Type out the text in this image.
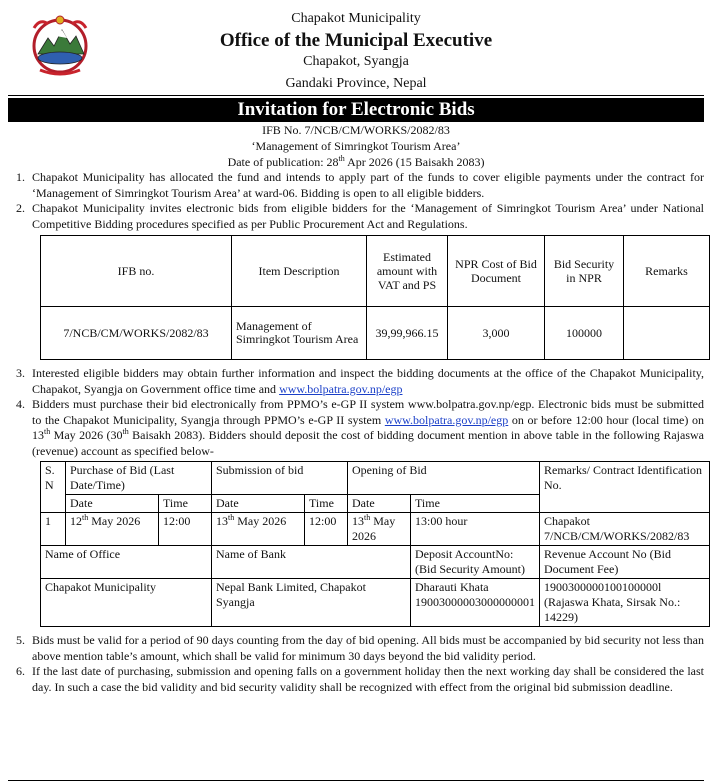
Chapakot Municipality
Office of the Municipal Executive
Chapakot, Syangja
Gandaki Province, Nepal
Invitation for Electronic Bids
IFB No. 7/NCB/CM/WORKS/2082/83
‘Management of Simringkot Tourism Area’
Date of publication: 28th Apr 2026 (15 Baisakh 2083)
1. Chapakot Municipality has allocated the fund and intends to apply part of the funds to cover eligible payments under the contract for ‘Management of Simringkot Tourism Area’ at ward-06. Bidding is open to all eligible bidders.
2. Chapakot Municipality invites electronic bids from eligible bidders for the ‘Management of Simringkot Tourism Area’ under National Competitive Bidding procedures specified as per Public Procurement Act and Regulations.
IFB no.	Item Description	Estimated amount with VAT and PS	NPR Cost of Bid Document	Bid Security in NPR	Remarks
7/NCB/CM/WORKS/2082/83	Management of Simringkot Tourism Area	39,99,966.15	3,000	100000	

3. Interested eligible bidders may obtain further information and inspect the bidding documents at the office of the Chapakot Municipality, Chapakot, Syangja on Government office time and www.bolpatra.gov.np/egp
4. Bidders must purchase their bid electronically from PPMO’s e-GP II system www.bolpatra.gov.np/egp. Electronic bids must be submitted to the Chapakot Municipality, Syangja through PPMO’s e-GP II system www.bolpatra.gov.np/egp on or before 12:00 hour (local time) on 13th May 2026 (30th Baisakh 2083). Bidders should deposit the cost of bidding document mention in above table in the following Rajaswa (revenue) account as specified below-
S. N	Purchase of Bid (Last Date/Time)		Submission of bid		Opening of Bid		Remarks/ Contract Identification No.
	Date	Time	Date	Time	Date	Time	
1	12th May 2026	12:00	13th May 2026	12:00	13th May 2026	13:00 hour	Chapakot 7/NCB/CM/WORKS/2082/83
Name of Office			Name of Bank			Deposit AccountNo: (Bid Security Amount)	Revenue Account No (Bid Document Fee)
Chapakot Municipality			Nepal Bank Limited, Chapakot Syangja			Dharauti Khata 19003000003000000001	1900300000100100000l (Rajaswa Khata, Sirsak No.: 14229)
5. Bids must be valid for a period of 90 days counting from the day of bid opening. All bids must be accompanied by bid security not less than above mention table’s amount, which shall be valid for minimum 30 days beyond the bid validity period.
6. If the last date of purchasing, submission and opening falls on a government holiday then the next working day shall be considered the last day. In such a case the bid validity and bid security validity shall be recognized with effect from the original bid submission deadline.
